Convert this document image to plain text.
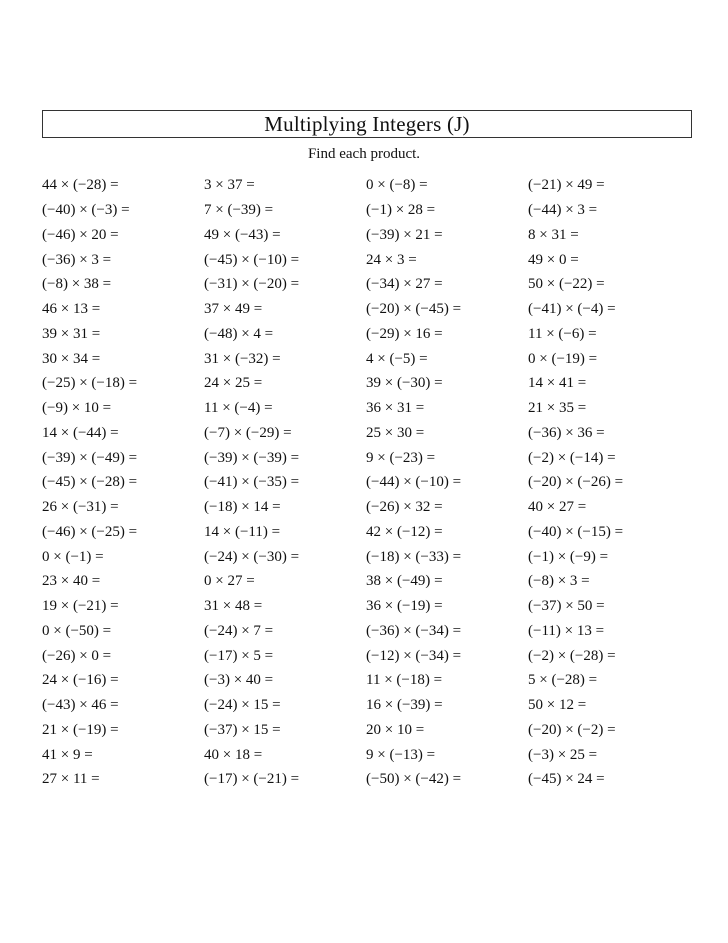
Multiplying Integers (J)
Find each product.
44 × (−28) =	3 × 37 =	0 × (−8) =	(−21) × 49 =
(−40) × (−3) =	7 × (−39) =	(−1) × 28 =	(−44) × 3 =
(−46) × 20 =	49 × (−43) =	(−39) × 21 =	8 × 31 =
(−36) × 3 =	(−45) × (−10) =	24 × 3 =	49 × 0 =
(−8) × 38 =	(−31) × (−20) =	(−34) × 27 =	50 × (−22) =
46 × 13 =	37 × 49 =	(−20) × (−45) =	(−41) × (−4) =
39 × 31 =	(−48) × 4 =	(−29) × 16 =	11 × (−6) =
30 × 34 =	31 × (−32) =	4 × (−5) =	0 × (−19) =
(−25) × (−18) =	24 × 25 =	39 × (−30) =	14 × 41 =
(−9) × 10 =	11 × (−4) =	36 × 31 =	21 × 35 =
14 × (−44) =	(−7) × (−29) =	25 × 30 =	(−36) × 36 =
(−39) × (−49) =	(−39) × (−39) =	9 × (−23) =	(−2) × (−14) =
(−45) × (−28) =	(−41) × (−35) =	(−44) × (−10) =	(−20) × (−26) =
26 × (−31) =	(−18) × 14 =	(−26) × 32 =	40 × 27 =
(−46) × (−25) =	14 × (−11) =	42 × (−12) =	(−40) × (−15) =
0 × (−1) =	(−24) × (−30) =	(−18) × (−33) =	(−1) × (−9) =
23 × 40 =	0 × 27 =	38 × (−49) =	(−8) × 3 =
19 × (−21) =	31 × 48 =	36 × (−19) =	(−37) × 50 =
0 × (−50) =	(−24) × 7 =	(−36) × (−34) =	(−11) × 13 =
(−26) × 0 =	(−17) × 5 =	(−12) × (−34) =	(−2) × (−28) =
24 × (−16) =	(−3) × 40 =	11 × (−18) =	5 × (−28) =
(−43) × 46 =	(−24) × 15 =	16 × (−39) =	50 × 12 =
21 × (−19) =	(−37) × 15 =	20 × 10 =	(−20) × (−2) =
41 × 9 =	40 × 18 =	9 × (−13) =	(−3) × 25 =
27 × 11 =	(−17) × (−21) =	(−50) × (−42) =	(−45) × 24 =
